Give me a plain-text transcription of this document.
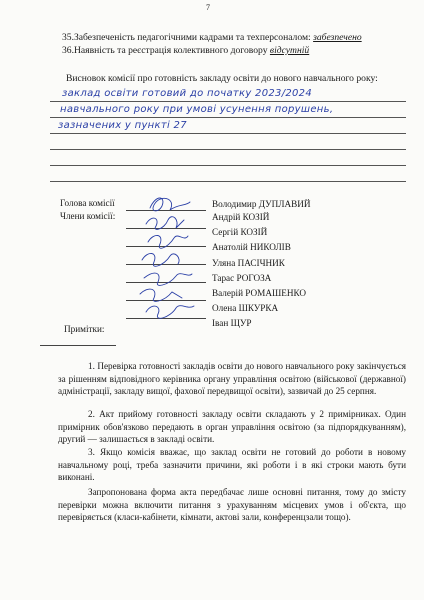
7
35.Забезпеченість педагогічними кадрами та техперсоналом: забезпечено
36.Наявність та реєстрація колективного договору відсутній
Висновок комісії про готовність закладу освіти до нового навчального року:
заклад освіти готовий до початку 2023/2024
навчального року при умові усунення порушень,
зазначених у пункті 27
Голова комісії
Члени комісії:
Володимир ДУПЛАВИЙ
Андрій КОЗІЙ
Сергій КОЗІЙ
Анатолій НИКОЛІВ
Уляна ПАСІЧНИК
Тарас РОГОЗА
Валерій РОМАШЕНКО
Олена ШКУРКА
Іван ЩУР
Примітки:
1. Перевірка готовності закладів освіти до нового навчального року закінчується за рішенням відповідного керівника органу управління освітою (військової (державної) адміністрації, закладу вищої, фахової передвищої освіти), зазвичай до 25 серпня.
2. Акт прийому готовності закладу освіти складають у 2 примірниках. Один примірник обов'язково передають в орган управління освітою (за підпорядкуванням), другий — залишається в закладі освіти.
3. Якщо комісія вважає, що заклад освіти не готовий до роботи в новому навчальному році, треба зазначити причини, які роботи і в які строки мають бути виконані.
Запропонована форма акта передбачає лише основні питання, тому до змісту перевірки можна включити питання з урахуванням місцевих умов і об'єкта, що перевіряється (класи-кабінети, кімнати, актові зали, конференцзали тощо).
